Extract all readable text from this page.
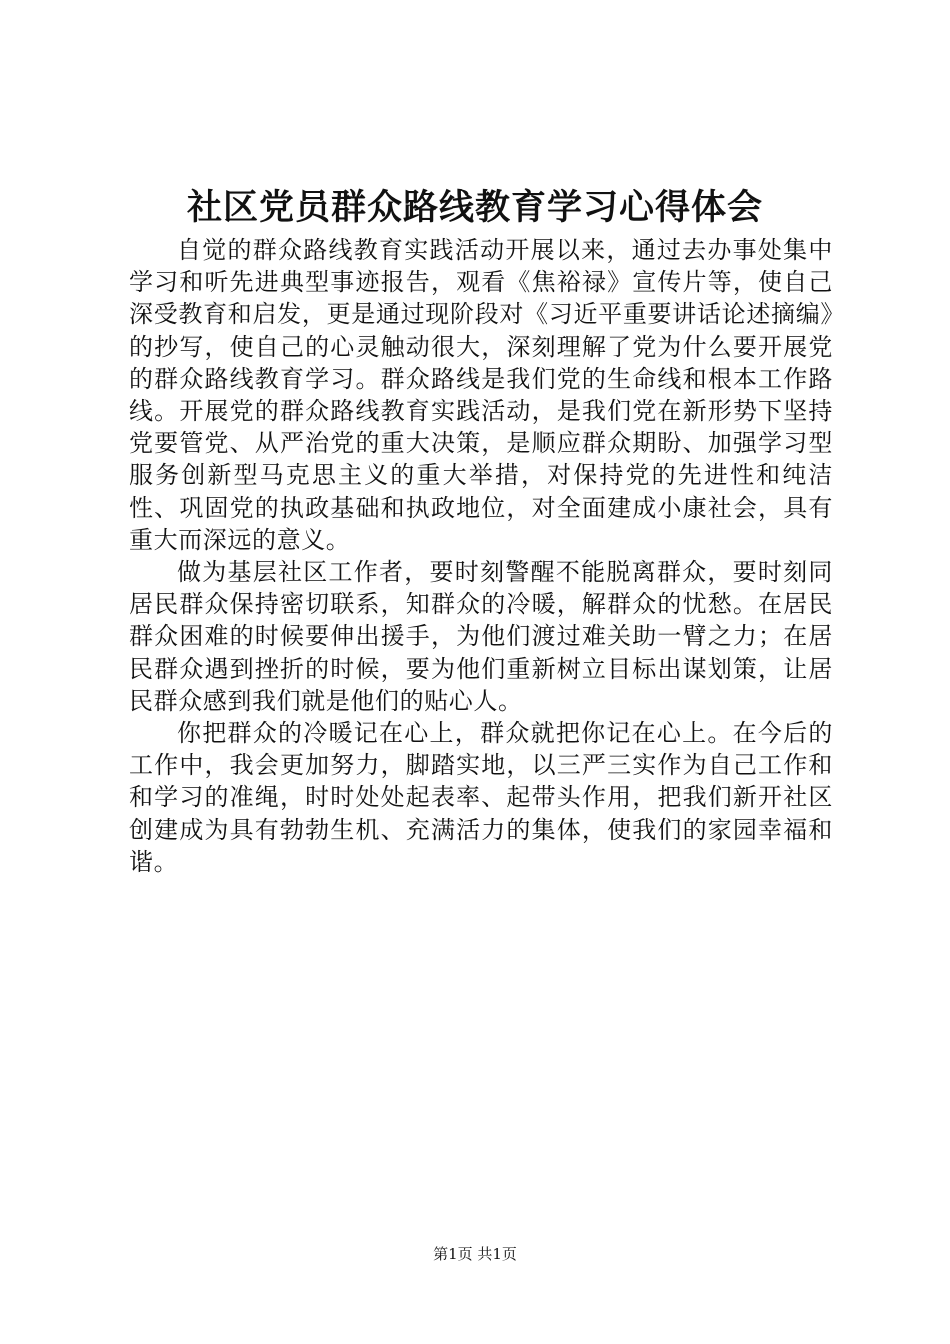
社区党员群众路线教育学习心得体会

自觉的群众路线教育实践活动开展以来，通过去办事处集中学习和听先进典型事迹报告，观看《焦裕禄》宣传片等，使自己深受教育和启发，更是通过现阶段对《习近平重要讲话论述摘编》的抄写，使自己的心灵触动很大，深刻理解了党为什么要开展党的群众路线教育学习。群众路线是我们党的生命线和根本工作路线。开展党的群众路线教育实践活动，是我们党在新形势下坚持党要管党、从严治党的重大决策，是顺应群众期盼、加强学习型服务创新型马克思主义的重大举措，对保持党的先进性和纯洁性、巩固党的执政基础和执政地位，对全面建成小康社会，具有重大而深远的意义。

做为基层社区工作者，要时刻警醒不能脱离群众，要时刻同居民群众保持密切联系，知群众的冷暖，解群众的忧愁。在居民群众困难的时候要伸出援手，为他们渡过难关助一臂之力；在居民群众遇到挫折的时候，要为他们重新树立目标出谋划策，让居民群众感到我们就是他们的贴心人。

你把群众的冷暖记在心上，群众就把你记在心上。在今后的工作中，我会更加努力，脚踏实地，以三严三实作为自己工作和和学习的准绳，时时处处起表率、起带头作用，把我们新开社区创建成为具有勃勃生机、充满活力的集体，使我们的家园幸福和谐。

第1页 共1页
